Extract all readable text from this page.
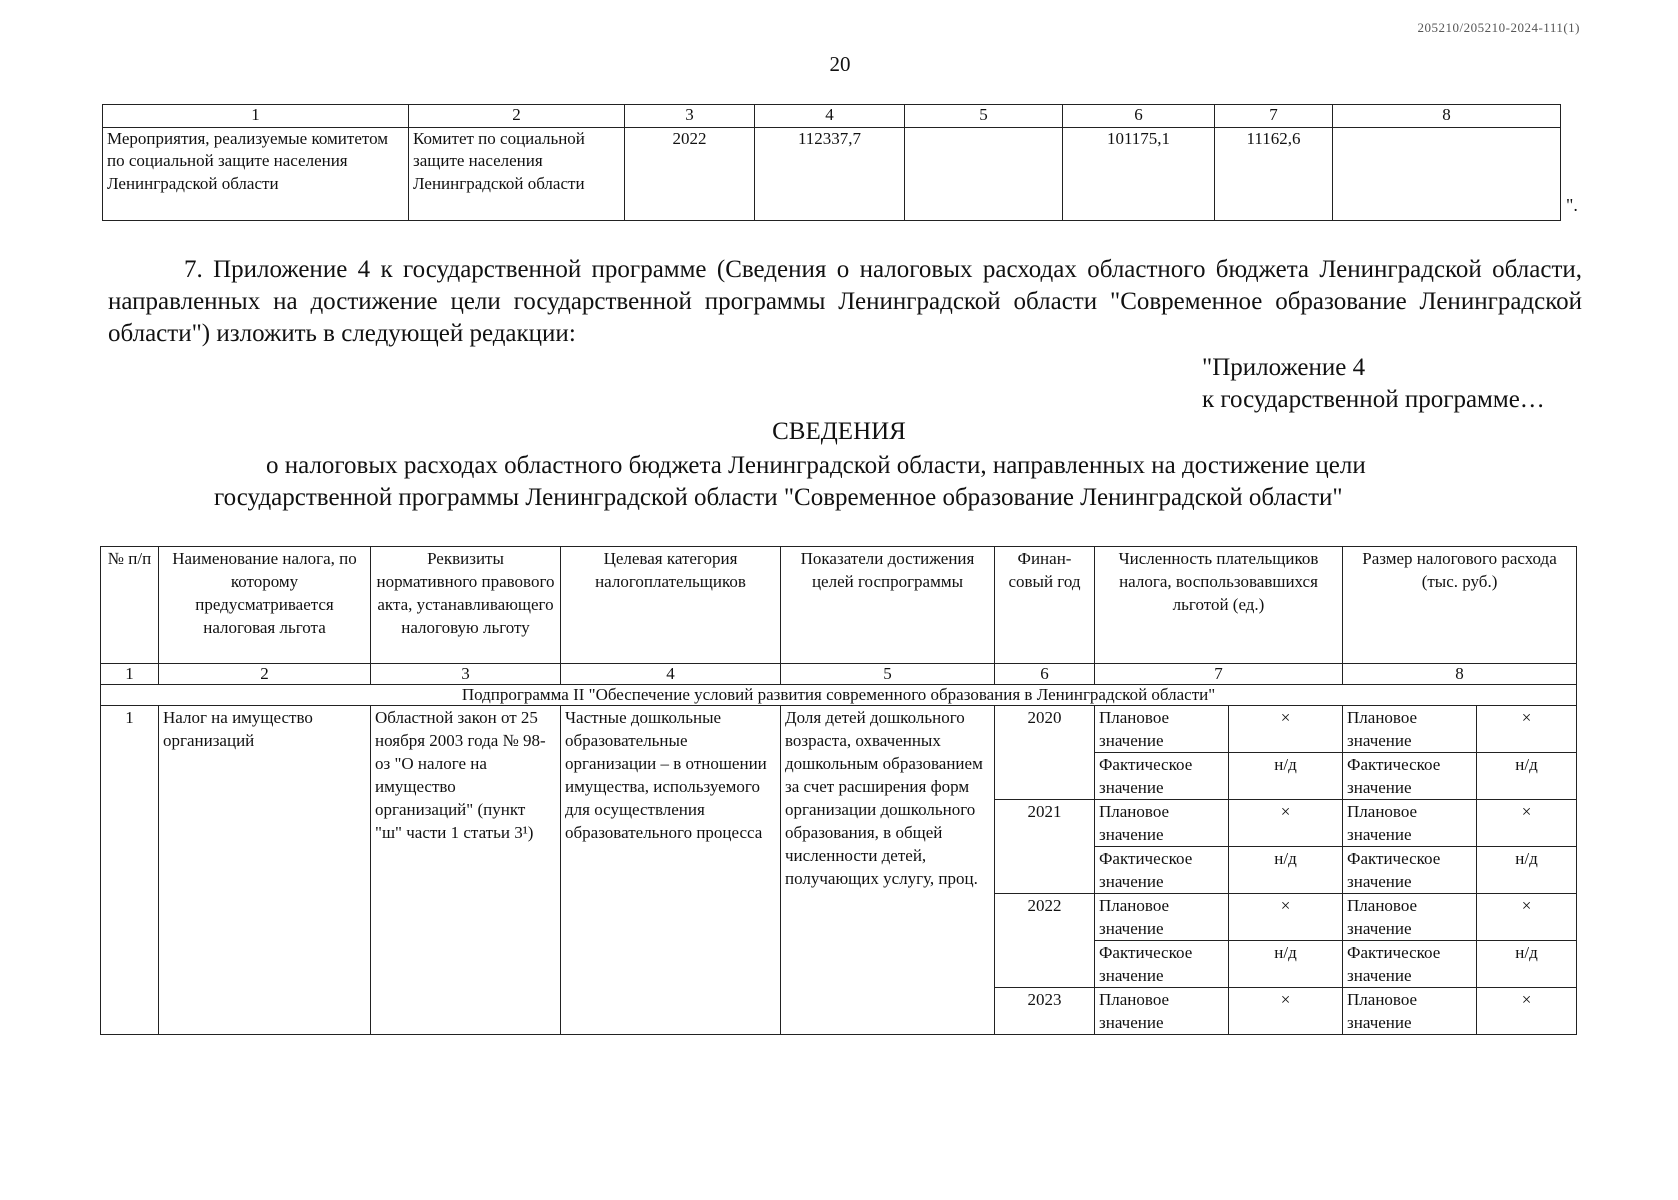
205210/205210-2024-111(1)
20
1	2	3	4	5	6	7	8
Мероприятия, реализуемые комитетом по социальной защите населения Ленинградской области	Комитет по социальной защите населения Ленинградской области	2022	112337,7		101175,1	11162,6	
".
7. Приложение 4 к государственной программе (Сведения о налоговых расходах областного бюджета Ленинградской области, направленных на достижение цели государственной программы Ленинградской области "Современное образование Ленинградской области") изложить в следующей редакции:
"Приложение 4
к государственной программе…
СВЕДЕНИЯ
о налоговых расходах областного бюджета Ленинградской области, направленных на достижение цели
государственной программы Ленинградской области "Современное образование Ленинградской области"
№ п/п	Наименование налога, по которому предусматривается налоговая льгота	Реквизиты нормативного правового акта, устанавливающего налоговую льготу	Целевая категория налогоплательщиков	Показатели достижения целей госпрограммы	Финан-совый год	Численность плательщиков налога, воспользовавшихся льготой (ед.)		Размер налогового расхода (тыс. руб.)	
1	2	3	4	5	6	7		8	
Подпрограмма II "Обеспечение условий развития современного образования в Ленинградской области"									
1	Налог на имущество организаций	Областной закон от 25 ноября 2003 года № 98-оз "О налоге на имущество организаций" (пункт "ш" части 1 статьи 3¹)	Частные дошкольные образовательные организации – в отношении имущества, используемого для осуществления образовательного процесса	Доля детей дошкольного возраста, охваченных дошкольным образованием за счет расширения форм организации дошкольного образования, в общей численности детей, получающих услугу, проц.	2020	Плановое значение	×	Плановое значение	×
						Фактическое значение	н/д	Фактическое значение	н/д
					2021	Плановое значение	×	Плановое значение	×
						Фактическое значение	н/д	Фактическое значение	н/д
					2022	Плановое значение	×	Плановое значение	×
						Фактическое значение	н/д	Фактическое значение	н/д
					2023	Плановое значение	×	Плановое значение	×
